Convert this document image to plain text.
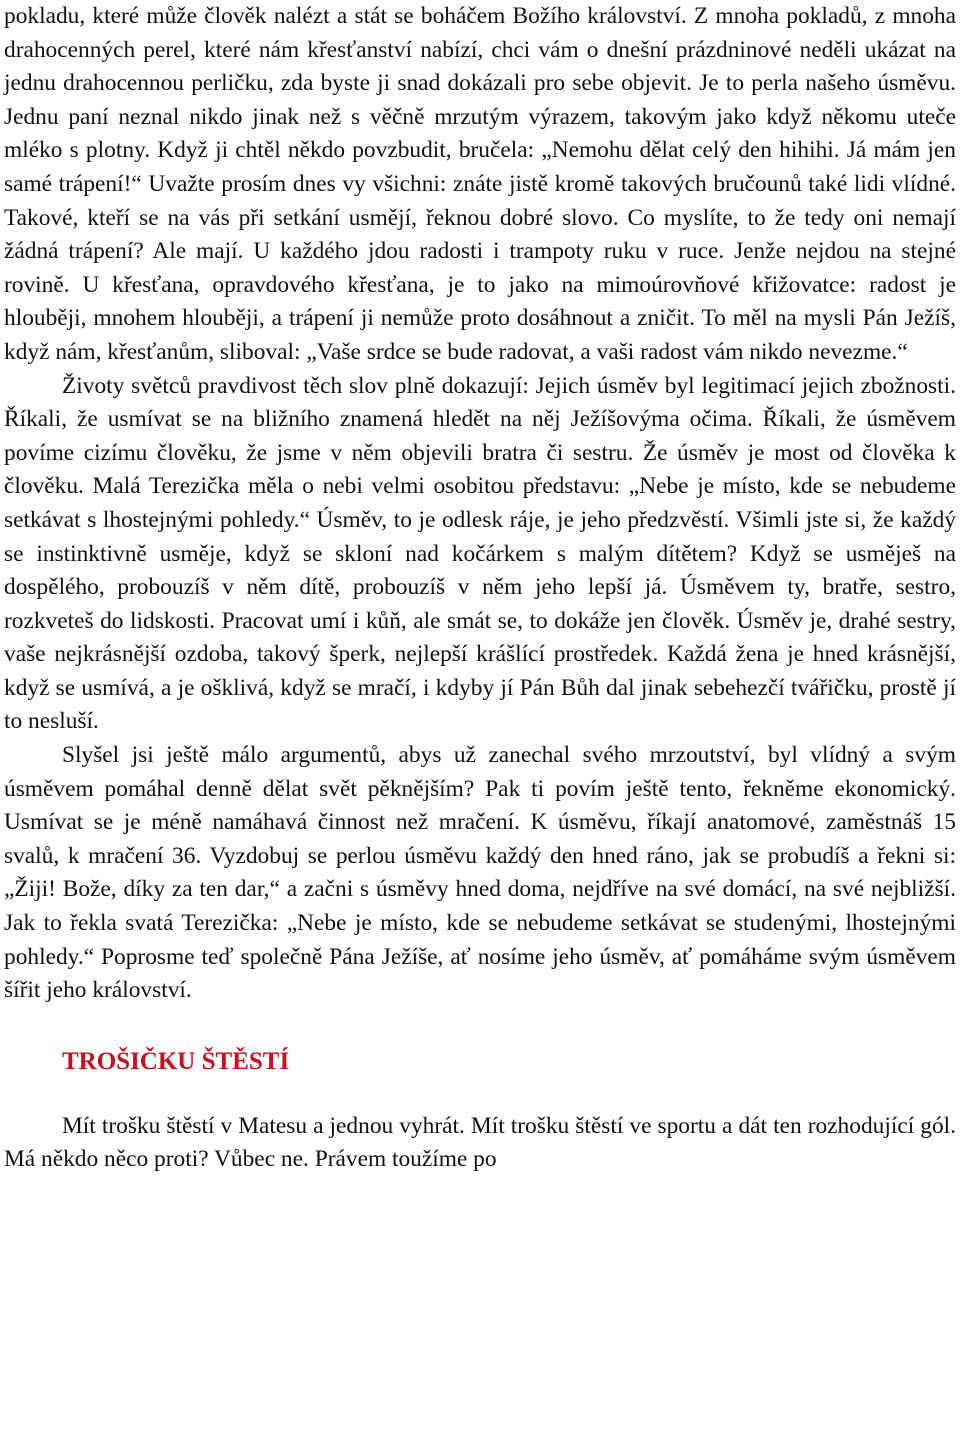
pokladu, které může člověk nalézt a stát se boháčem Božího království. Z mnoha pokladů, z mnoha drahocenných perel, které nám křesťanství nabízí, chci vám o dnešní prázdninové neděli ukázat na jednu drahocennou perličku, zda byste ji snad dokázali pro sebe objevit. Je to perla našeho úsměvu. Jednu paní neznal nikdo jinak než s věčně mrzutým výrazem, takovým jako když někomu uteče mléko s plotny. Když ji chtěl někdo povzbudit, bručela: „Nemohu dělat celý den hihihi. Já mám jen samé trápení!“ Uvažte prosím dnes vy všichni: znáte jistě kromě takových bručounů také lidi vlídné. Takové, kteří se na vás při setkání usmějí, řeknou dobré slovo. Co myslíte, to že tedy oni nemají žádná trápení? Ale mají. U každého jdou radosti i trampoty ruku v ruce. Jenže nejdou na stejné rovině. U křesťana, opravdového křesťana, je to jako na mimoúrovňové křižovatce: radost je hlouběji, mnohem hlouběji, a trápení ji nemůže proto dosáhnout a zničit. To měl na mysli Pán Ježíš, když nám, křesťanům, sliboval: „Vaše srdce se bude radovat, a vaši radost vám nikdo nevezme.“

Životy světců pravdivost těch slov plně dokazují: Jejich úsměv byl legitimací jejich zbožnosti. Říkali, že usmívat se na bližního znamená hledět na něj Ježíšovýma očima. Říkali, že úsměvem povíme cizímu člověku, že jsme v něm objevili bratra či sestru. Že úsměv je most od člověka k člověku. Malá Terezička měla o nebi velmi osobitou představu: „Nebe je místo, kde se nebudeme setkávat s lhostejnými pohledy.“ Úsměv, to je odlesk ráje, je jeho předzvěstí. Všimli jste si, že každý se instinktivně usměje, když se skloní nad kočárkem s malým dítětem? Když se usměješ na dospělého, probouzíš v něm dítě, probouzíš v něm jeho lepší já. Úsměvem ty, bratře, sestro, rozkveteš do lidskosti. Pracovat umí i kůň, ale smát se, to dokáže jen člověk. Úsměv je, drahé sestry, vaše nejkrásnější ozdoba, takový šperk, nejlepší krášlící prostředek. Každá žena je hned krásnější, když se usmívá, a je ošklivá, když se mračí, i kdyby jí Pán Bůh dal jinak sebehezčí tvářičku, prostě jí to nesluší.

Slyšel jsi ještě málo argumentů, abys už zanechal svého mrzoutství, byl vlídný a svým úsměvem pomáhal denně dělat svět pěknějším? Pak ti povím ještě tento, řekněme ekonomický. Usmívat se je méně namáhavá činnost než mračení. K úsměvu, říkají anatomové, zaměstnáš 15 svalů, k mračení 36. Vyzdobuj se perlou úsměvu každý den hned ráno, jak se probudíš a řekni si: „Žiji! Bože, díky za ten dar,“ a začni s úsměvy hned doma, nejdříve na své domácí, na své nejbližší. Jak to řekla svatá Terezička: „Nebe je místo, kde se nebudeme setkávat se studenými, lhostejnými pohledy.“ Poprosme teď společně Pána Ježíše, ať nosíme jeho úsměv, ať pomáháme svým úsměvem šířit jeho království.

TROŠIČKU ŠTĚSTÍ

Mít trošku štěstí v Matesu a jednou vyhrát. Mít trošku štěstí ve sportu a dát ten rozhodující gól. Má někdo něco proti? Vůbec ne. Právem toužíme po
